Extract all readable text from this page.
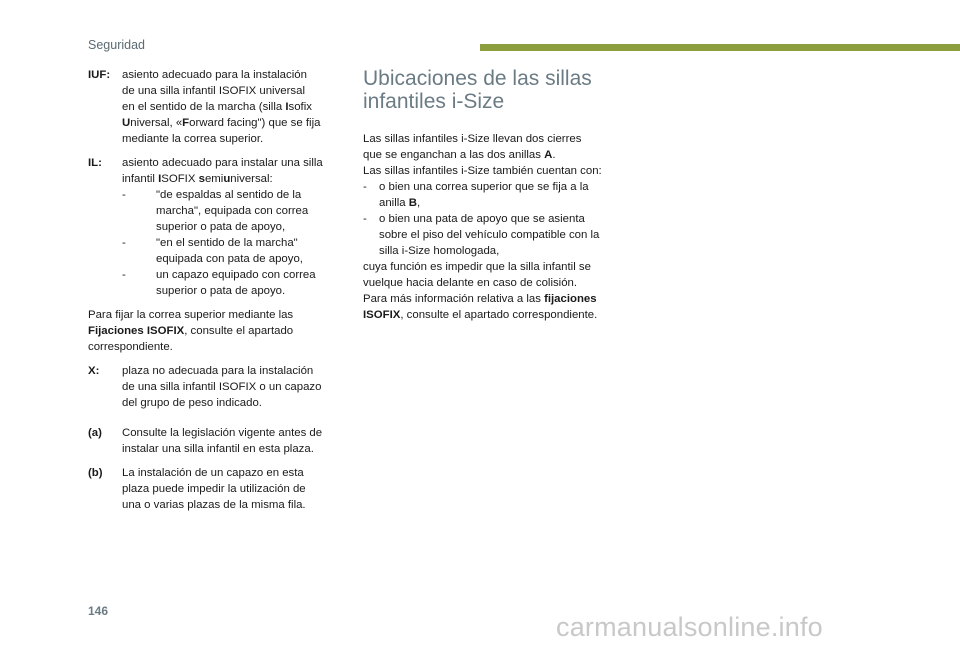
Seguridad
IUF:	asiento adecuado para la instalación
de una silla infantil ISOFIX universal
en el sentido de la marcha (silla Isofix
Universal, «Forward facing") que se fija
mediante la correa superior.
IL:	asiento adecuado para instalar una silla
infantil ISOFIX semiuniversal:
-	"de espaldas al sentido de la
marcha", equipada con correa
superior o pata de apoyo,
-	"en el sentido de la marcha"
equipada con pata de apoyo,
-	un capazo equipado con correa
superior o pata de apoyo.
Para fijar la correa superior mediante las
Fijaciones ISOFIX, consulte el apartado
correspondiente.
X:	plaza no adecuada para la instalación
de una silla infantil ISOFIX o un capazo
del grupo de peso indicado.
(a)	Consulte la legislación vigente antes de
instalar una silla infantil en esta plaza.
(b)	La instalación de un capazo en esta
plaza puede impedir la utilización de
una o varias plazas de la misma fila.
Ubicaciones de las sillas
infantiles i-Size
Las sillas infantiles i-Size llevan dos cierres
que se enganchan a las dos anillas A.
Las sillas infantiles i-Size también cuentan con:
-	o bien una correa superior que se fija a la
anilla B,
-	o bien una pata de apoyo que se asienta
sobre el piso del vehículo compatible con la
silla i-Size homologada,
cuya función es impedir que la silla infantil se
vuelque hacia delante en caso de colisión.
Para más información relativa a las fijaciones
ISOFIX, consulte el apartado correspondiente.
146
carmanualsonline.info
